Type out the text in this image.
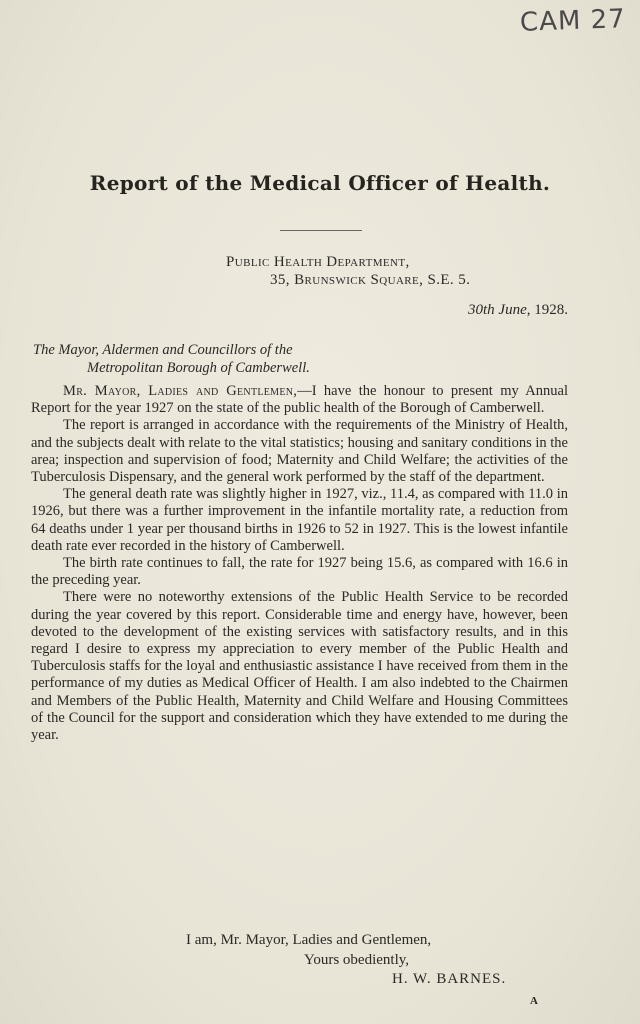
CAM 27
Report of the Medical Officer of Health.
Public Health Department,
35, Brunswick Square, S.E. 5.
30th June, 1928.
The Mayor, Aldermen and Councillors of the
Metropolitan Borough of Camberwell.

Mr. Mayor, Ladies and Gentlemen,—I have the honour to present my Annual Report for the year 1927 on the state of the public health of the Borough of Camberwell.

The report is arranged in accordance with the requirements of the Ministry of Health, and the subjects dealt with relate to the vital statistics; housing and sanitary conditions in the area; inspection and supervision of food; Maternity and Child Welfare; the activities of the Tuberculosis Dispensary, and the general work performed by the staff of the department.

The general death rate was slightly higher in 1927, viz., 11.4, as compared with 11.0 in 1926, but there was a further improvement in the infantile mortality rate, a reduction from 64 deaths under 1 year per thousand births in 1926 to 52 in 1927. This is the lowest infantile death rate ever recorded in the history of Camberwell.

The birth rate continues to fall, the rate for 1927 being 15.6, as compared with 16.6 in the preceding year.

There were no noteworthy extensions of the Public Health Service to be recorded during the year covered by this report. Considerable time and energy have, however, been devoted to the development of the existing services with satisfactory results, and in this regard I desire to express my appreciation to every member of the Public Health and Tuberculosis staffs for the loyal and enthusiastic assistance I have received from them in the performance of my duties as Medical Officer of Health. I am also indebted to the Chairmen and Members of the Public Health, Maternity and Child Welfare and Housing Committees of the Council for the support and consideration which they have extended to me during the year.

I am, Mr. Mayor, Ladies and Gentlemen,
Yours obediently,
H. W. BARNES.
A
